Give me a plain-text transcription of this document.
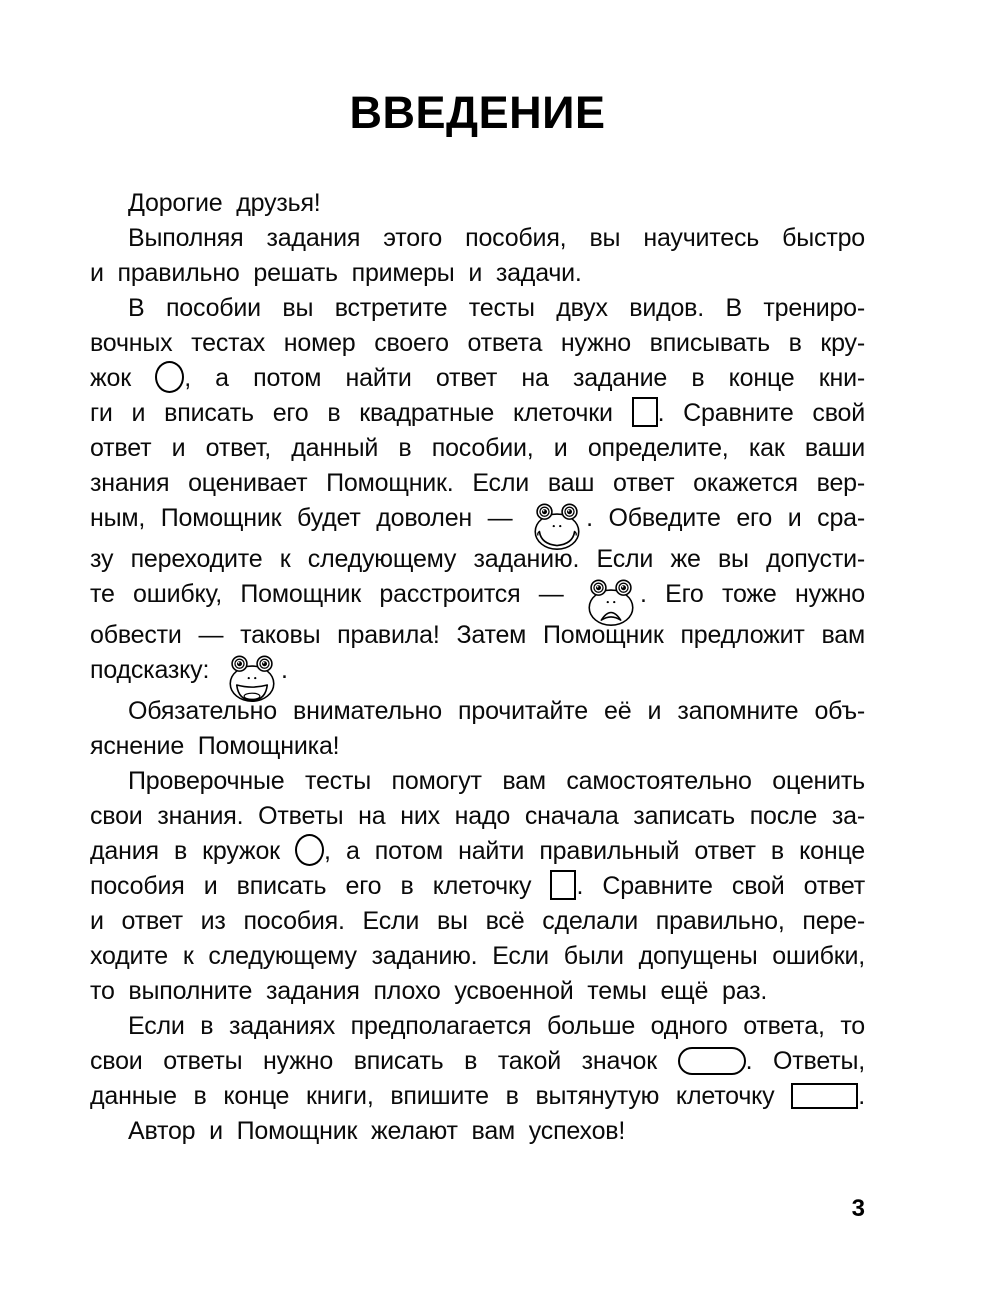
ВВЕДЕНИЕ
Дорогие друзья!
Выполняя задания этого пособия, вы научитесь быстро
и правильно решать примеры и задачи.
В пособии вы встретите тесты двух видов. В трениро-
вочных тестах номер своего ответа нужно вписывать в кру-
жок , а потом найти ответ на задание в конце кни-
ги и вписать его в квадратные клеточки . Сравните свой
ответ и ответ, данный в пособии, и определите, как ваши
знания оценивает Помощник. Если ваш ответ окажется вер-
ным, Помощник будет доволен — . Обведите его и сра-
зу переходите к следующему заданию. Если же вы допусти-
те ошибку, Помощник расстроится — . Его тоже нужно
обвести — таковы правила! Затем Помощник предложит вам
подсказку: .
Обязательно внимательно прочитайте её и запомните объ-
яснение Помощника!
Проверочные тесты помогут вам самостоятельно оценить
свои знания. Ответы на них надо сначала записать после за-
дания в кружок , а потом найти правильный ответ в конце
пособия и вписать его в клеточку . Сравните свой ответ
и ответ из пособия. Если вы всё сделали правильно, пере-
ходите к следующему заданию. Если были допущены ошибки,
то выполните задания плохо усвоенной темы ещё раз.
Если в заданиях предполагается больше одного ответа, то
свои ответы нужно вписать в такой значок	. Ответы,
данные в конце книги, впишите в вытянутую клеточку	.
Автор и Помощник желают вам успехов!
3
